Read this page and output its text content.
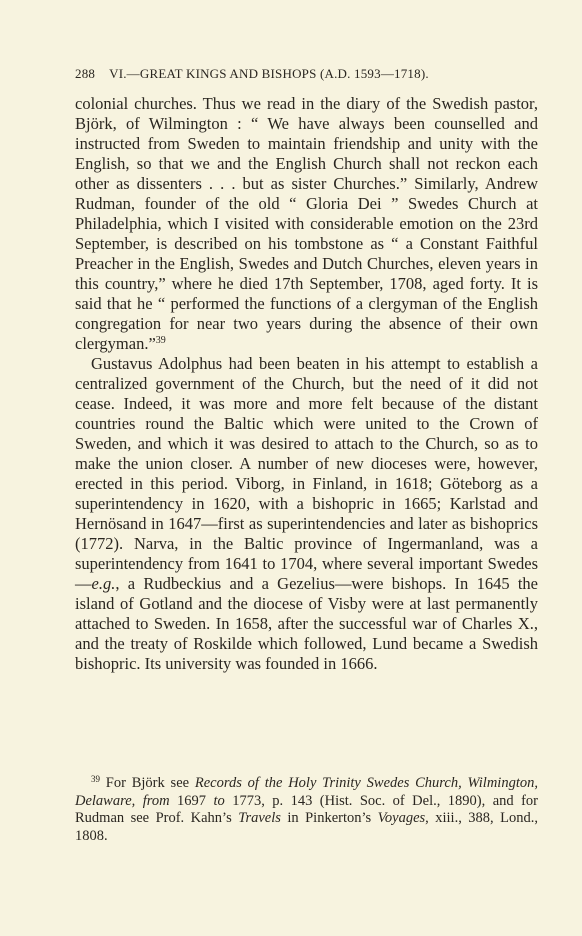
288 VI.—GREAT KINGS AND BISHOPS (A.D. 1593—1718).

colonial churches. Thus we read in the diary of the Swedish pastor, Björk, of Wilmington : “ We have always been counselled and instructed from Sweden to maintain friendship and unity with the English, so that we and the English Church shall not reckon each other as dissenters . . . but as sister Churches.” Similarly, Andrew Rudman, founder of the old “ Gloria Dei ” Swedes Church at Philadelphia, which I visited with considerable emotion on the 23rd September, is described on his tombstone as “ a Constant Faithful Preacher in the English, Swedes and Dutch Churches, eleven years in this country,” where he died 17th September, 1708, aged forty. It is said that he “ performed the functions of a clergyman of the English congregation for near two years during the absence of their own clergyman.”$^{39}$

Gustavus Adolphus had been beaten in his attempt to establish a centralized government of the Church, but the need of it did not cease. Indeed, it was more and more felt because of the distant countries round the Baltic which were united to the Crown of Sweden, and which it was desired to attach to the Church, so as to make the union closer. A number of new dioceses were, however, erected in this period. Viborg, in Finland, in 1618; Göteborg as a superintendency in 1620, with a bishopric in 1665; Karlstad and Hernösand in 1647—first as superintendencies and later as bishoprics (1772). Narva, in the Baltic province of Ingermanland, was a superintendency from 1641 to 1704, where several important Swedes—e.g., a Rudbeckius and a Gezelius—were bishops. In 1645 the island of Gotland and the diocese of Visby were at last permanently attached to Sweden. In 1658, after the successful war of Charles X., and the treaty of Roskilde which followed, Lund became a Swedish bishopric. Its university was founded in 1666.

$^{39}$ For Björk see Records of the Holy Trinity Swedes Church, Wilmington, Delaware, from 1697 to 1773, p. 143 (Hist. Soc. of Del., 1890), and for Rudman see Prof. Kahn’s Travels in Pinkerton’s Voyages, xiii., 388, Lond., 1808.
